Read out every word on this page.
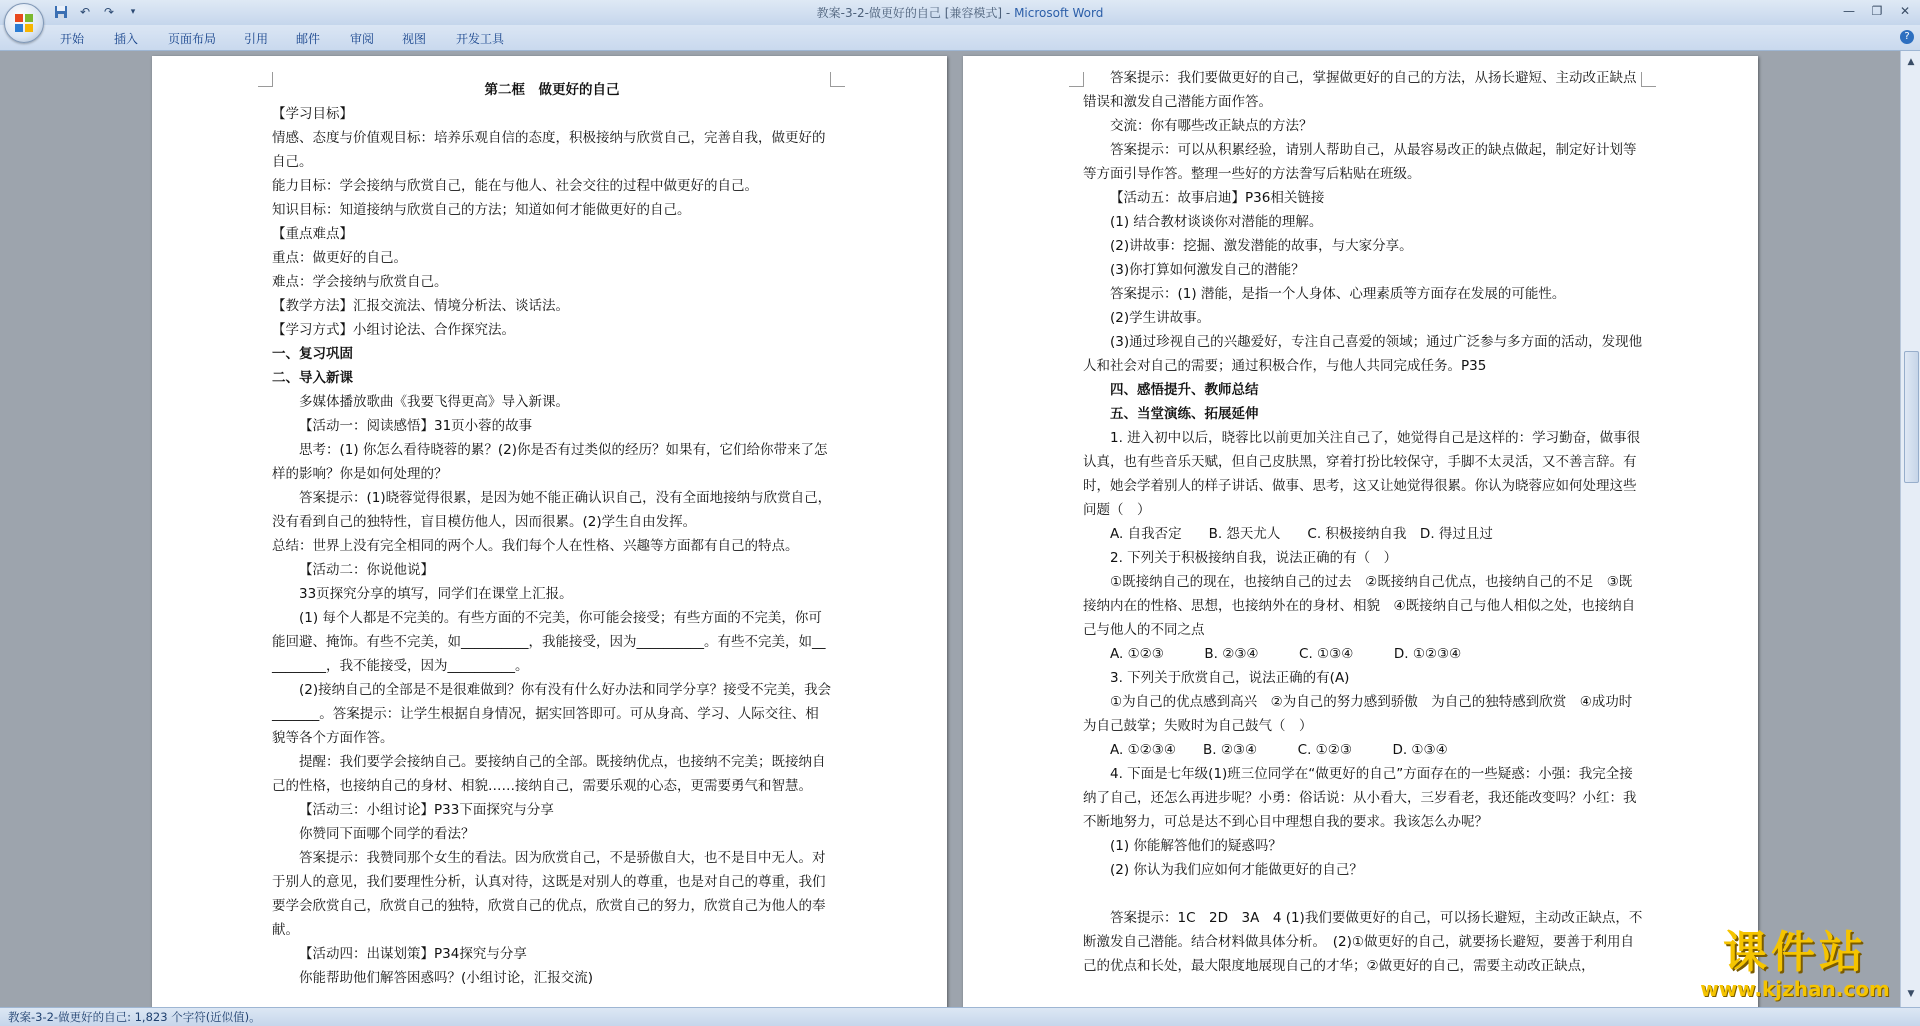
↶	↷	▾	教案-3-2-做更好的自己 [兼容模式] - Microsoft Word	—	❐	✕
开始 插入 页面布局 引用 邮件 审阅 视图 开发工具	?

第二框　做更好的自己

【学习目标】

情感、态度与价值观目标：培养乐观自信的态度，积极接纳与欣赏自己，完善自我，做更好的自己。

能力目标：学会接纳与欣赏自己，能在与他人、社会交往的过程中做更好的自己。

知识目标：知道接纳与欣赏自己的方法；知道如何才能做更好的自己。

【重点难点】

重点：做更好的自己。

难点：学会接纳与欣赏自己。

【教学方法】汇报交流法、情境分析法、谈话法。

【学习方式】小组讨论法、合作探究法。

一、复习巩固

二、导入新课

多媒体播放歌曲《我要飞得更高》导入新课。

【活动一：阅读感悟】31页小蓉的故事

思考：(1) 你怎么看待晓蓉的累？(2)你是否有过类似的经历？如果有，它们给你带来了怎样的影响？你是如何处理的？

答案提示：(1)晓蓉觉得很累，是因为她不能正确认识自己，没有全面地接纳与欣赏自己，没有看到自己的独特性，盲目模仿他人，因而很累。(2)学生自由发挥。

总结：世界上没有完全相同的两个人。我们每个人在性格、兴趣等方面都有自己的特点。

【活动二：你说他说】

33页探究分享的填写，同学们在课堂上汇报。

(1) 每个人都是不完美的。有些方面的不完美，你可能会接受；有些方面的不完美，你可能回避、掩饰。有些不完美，如__________，我能接受，因为__________。有些不完美，如__________，我不能接受，因为__________。

(2)接纳自己的全部是不是很难做到？你有没有什么好办法和同学分享？接受不完美，我会_______。答案提示：让学生根据自身情况，据实回答即可。可从身高、学习、人际交往、相貌等各个方面作答。

提醒：我们要学会接纳自己。要接纳自己的全部。既接纳优点，也接纳不完美；既接纳自己的性格，也接纳自己的身材、相貌……接纳自己，需要乐观的心态，更需要勇气和智慧。

【活动三：小组讨论】P33下面探究与分享

你赞同下面哪个同学的看法？

答案提示：我赞同那个女生的看法。因为欣赏自己，不是骄傲自大，也不是目中无人。对于别人的意见，我们要理性分析，认真对待，这既是对别人的尊重，也是对自己的尊重，我们要学会欣赏自己，欣赏自己的独特，欣赏自己的优点，欣赏自己的努力，欣赏自己为他人的奉献。

【活动四：出谋划策】P34探究与分享

你能帮助他们解答困惑吗？(小组讨论，汇报交流)

答案提示：我们要做更好的自己，掌握做更好的自己的方法，从扬长避短、主动改正缺点错误和激发自己潜能方面作答。

交流：你有哪些改正缺点的方法？

答案提示：可以从积累经验，请别人帮助自己，从最容易改正的缺点做起，制定好计划等等方面引导作答。整理一些好的方法誊写后粘贴在班级。

【活动五：故事启迪】P36相关链接

(1) 结合教材谈谈你对潜能的理解。

(2)讲故事：挖掘、激发潜能的故事，与大家分享。

(3)你打算如何激发自己的潜能？

答案提示：(1) 潜能，是指一个人身体、心理素质等方面存在发展的可能性。

(2)学生讲故事。

(3)通过珍视自己的兴趣爱好，专注自己喜爱的领域；通过广泛参与多方面的活动，发现他人和社会对自己的需要；通过积极合作，与他人共同完成任务。P35

四、感悟提升、教师总结

五、当堂演练、拓展延伸

1. 进入初中以后，晓蓉比以前更加关注自己了，她觉得自己是这样的：学习勤奋，做事很认真，也有些音乐天赋，但自己皮肤黑，穿着打扮比较保守，手脚不太灵活，又不善言辞。有时，她会学着别人的样子讲话、做事、思考，这又让她觉得很累。你认为晓蓉应如何处理这些问题（　）

A. 自我否定　　B. 怨天尤人　　C. 积极接纳自我　D. 得过且过

2. 下列关于积极接纳自我，说法正确的有（　）

①既接纳自己的现在，也接纳自己的过去　②既接纳自己优点，也接纳自己的不足　③既接纳内在的性格、思想，也接纳外在的身材、相貌　④既接纳自己与他人相似之处，也接纳自己与他人的不同之点

A. ①②③　　　B. ②③④　　　C. ①③④　　　D. ①②③④

3. 下列关于欣赏自己，说法正确的有(A)

①为自己的优点感到高兴　②为自己的努力感到骄傲　为自己的独特感到欣赏　④成功时为自己鼓掌；失败时为自己鼓气（　）

A. ①②③④　　B. ②③④　　　C. ①②③　　　D. ①③④

4. 下面是七年级(1)班三位同学在“做更好的自己”方面存在的一些疑惑：小强：我完全接纳了自己，还怎么再进步呢？小勇：俗话说：从小看大，三岁看老，我还能改变吗？小红：我不断地努力，可总是达不到心目中理想自我的要求。我该怎么办呢？

(1) 你能解答他们的疑惑吗？

(2) 你认为我们应如何才能做更好的自己？

答案提示：1C　2D　3A　4 (1)我们要做更好的自己，可以扬长避短，主动改正缺点，不断激发自己潜能。结合材料做具体分析。　(2)①做更好的自己，就要扬长避短，要善于利用自己的优点和长处，最大限度地展现自己的才华；②做更好的自己，需要主动改正缺点，

▲
▼
教案-3-2-做更好的自己: 1,823 个字符(近似值)。
课件站
www.kjzhan.com
